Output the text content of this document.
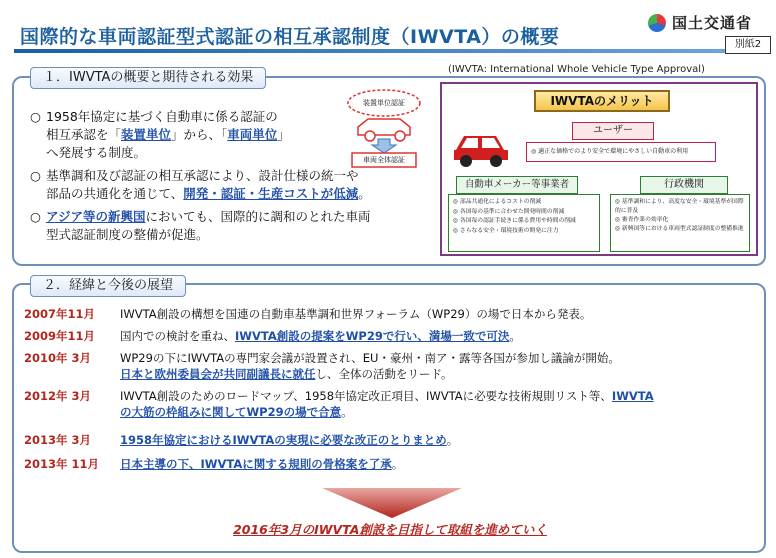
国際的な車両認証型式認証の相互承認制度（IWVTA）の概要
国土交通省
別紙2
１．IWVTAの概要と期待される効果
(IWVTA: International Whole Vehicle Type Approval)
○ 1958年協定に基づく自動車に係る認証の
相互承認を「装置単位」から、「車両単位」
へ発展する制度。
○ 基準調和及び認証の相互承認により、設計仕様の統一や
部品の共通化を通じて、開発・認証・生産コストが低減。
○ アジア等の新興国においても、国際的に調和のとれた車両
型式認証制度の整備が促進。
装置単位認証
車両全体認証
IWVTAのメリット
ユーザー
◎ 適正な価格でのより安全で環境にやさしい自動車の利用
自動車メーカー等事業者
◎ 部品共通化によるコストの削減
◎ 各国毎の基準に合わせた開発時間の削減
◎ 各国毎の認証手続きに係る費用や時間の削減
◎ さらなる安全・環境技術の開発に注力
行政機関
◎ 基準調和により、高度な安全・環境基準が国際的に普及
◎ 審査作業の効率化
◎ 新興国等における車両型式認証制度の整備推進
２．経緯と今後の展望
2007年11月	IWVTA創設の構想を国連の自動車基準調和世界フォーラム（WP29）の場で日本から発表。
2009年11月	国内での検討を重ね、IWVTA創設の提案をWP29で行い、満場一致で可決。
2010年 3月	WP29の下にIWVTAの専門家会議が設置され、EU・豪州・南ア・露等各国が参加し議論が開始。
日本と欧州委員会が共同副議長に就任し、全体の活動をリード。
2012年 3月	IWVTA創設のためのロードマップ、1958年協定改正項目、IWVTAに必要な技術規則リスト等、IWVTA
の大筋の枠組みに関してWP29の場で合意。
2013年 3月	1958年協定におけるIWVTAの実現に必要な改正のとりまとめ。
2013年 11月	日本主導の下、IWVTAに関する規則の骨格案を了承。
2016年3月のIWVTA創設を目指して取組を進めていく
